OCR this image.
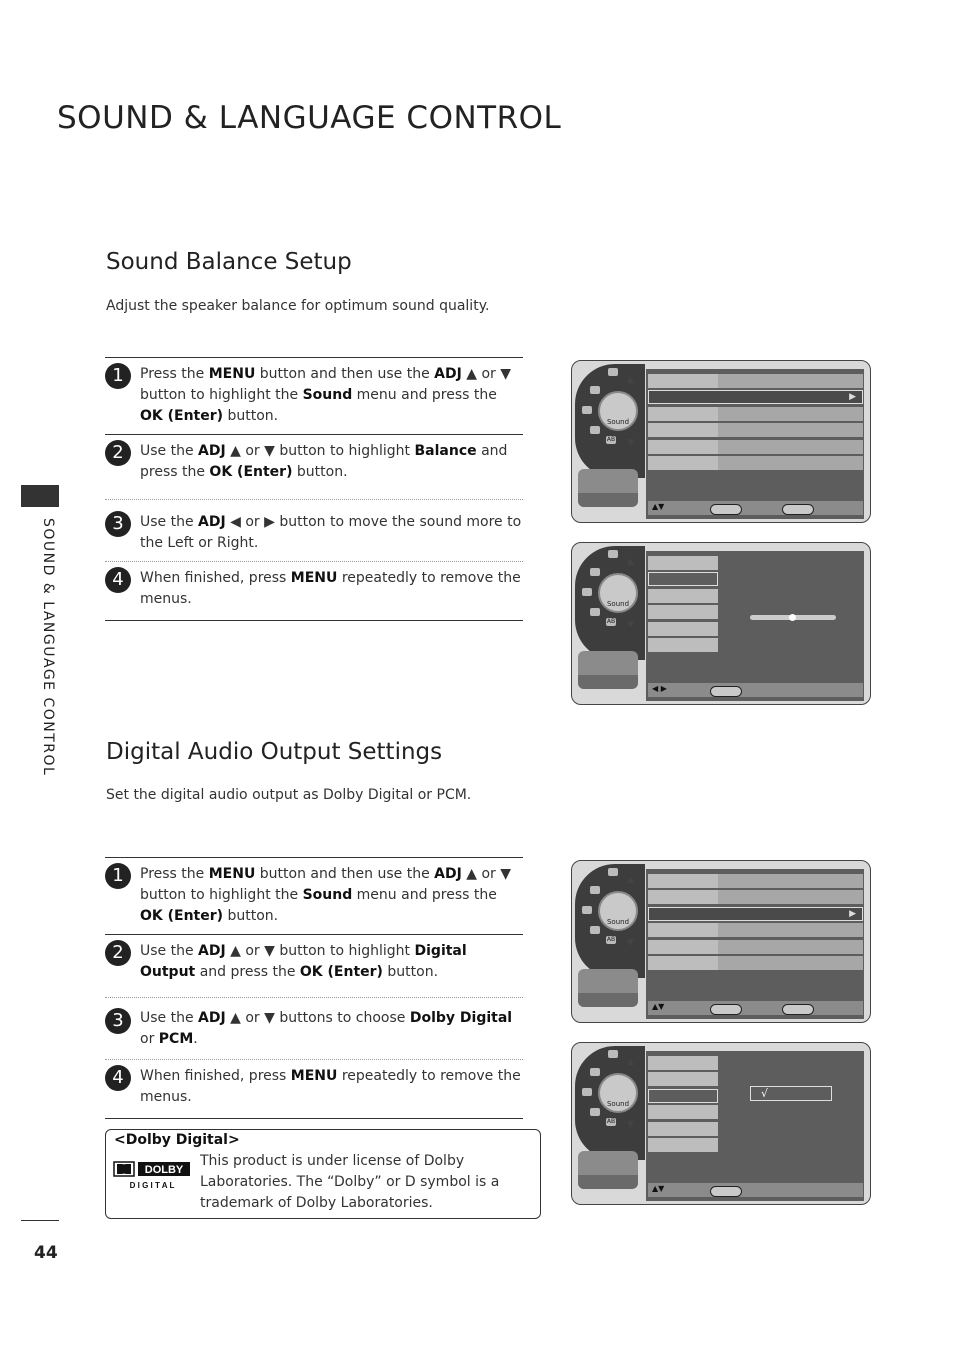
SOUND & LANGUAGE CONTROL
SOUND & LANGUAGE CONTROL
44
Sound Balance Setup
Adjust the speaker balance for optimum sound quality.
1	Press the MENU button and then use the ADJ ▲ or ▼ button to highlight the Sound menu and press the OK (Enter) button.
2	Use the ADJ ▲ or ▼ button to highlight Balance and press the OK (Enter) button.
3	Use the ADJ ◀ or ▶ button to move the sound more to the Left or Right.
4	When finished, press MENU repeatedly to remove the menus.
AB
Sound
▲
▼
▶
▲▼
AB
Sound
▲
▼
◀ ▶
Digital Audio Output Settings
Set the digital audio output as Dolby Digital or PCM.
1	Press the MENU button and then use the ADJ ▲ or ▼ button to highlight the Sound menu and press the OK (Enter) button.
2	Use the ADJ ▲ or ▼ button to highlight Digital Output and press the OK (Enter) button.
3	Use the ADJ ▲ or ▼ buttons to choose Dolby Digital or PCM.
4	When finished, press MENU repeatedly to remove the menus.
AB
Sound
▲
▼
▶
▲▼
AB
Sound
▲
▼
√
▲▼
<Dolby Digital>
DOLBY
D I G I T A L
This product is under license of Dolby Laboratories. The “Dolby” or D symbol is a trademark of Dolby Laboratories.
